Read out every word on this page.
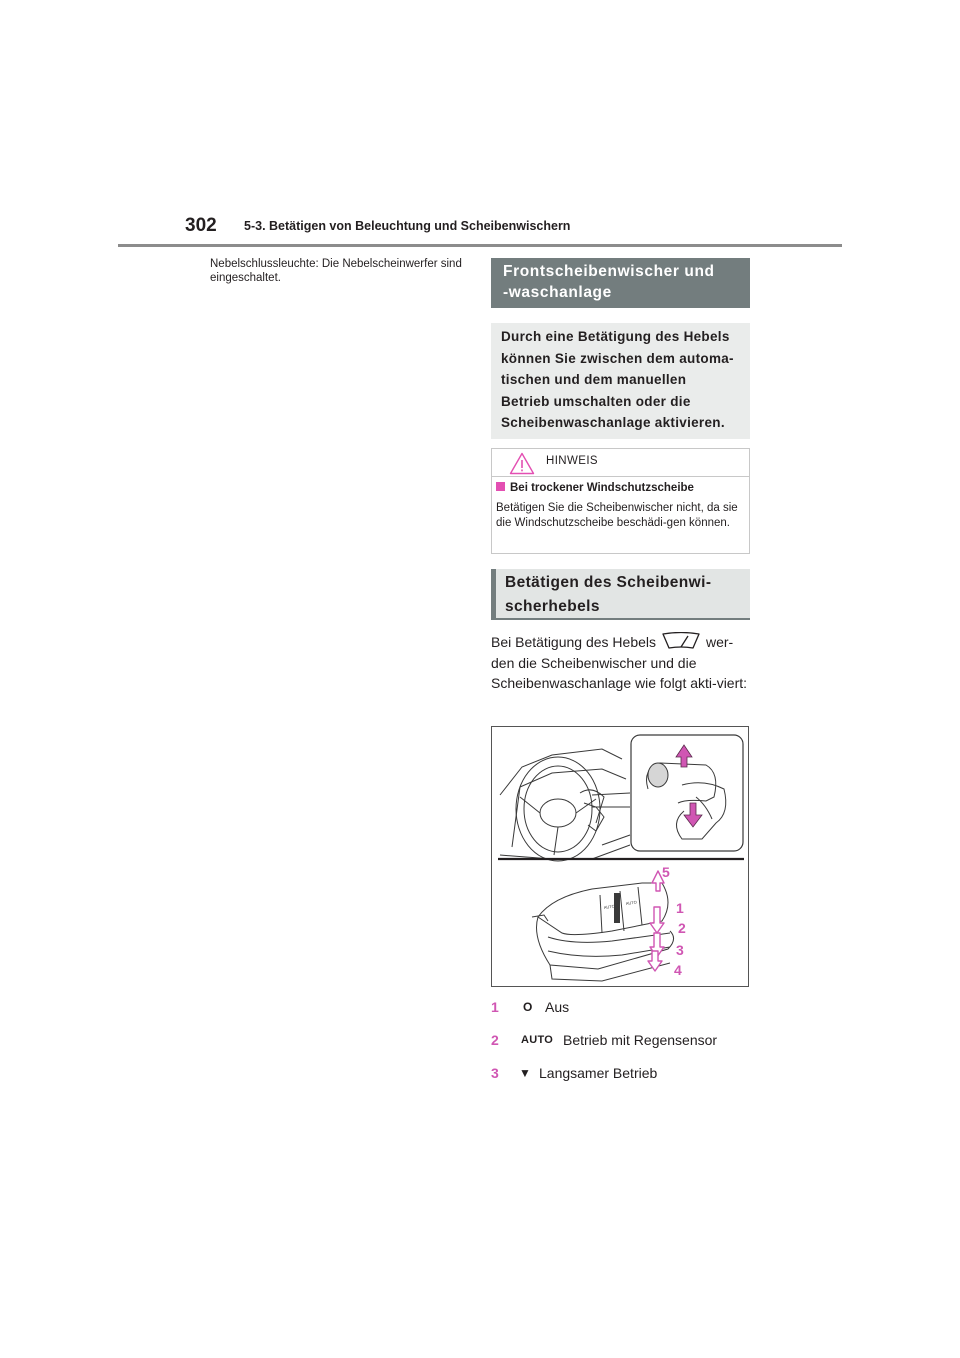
302 5-3. Betätigen von Beleuchtung und Scheibenwischern
Nebelschlussleuchte: Die Nebelscheinwerfer sind eingeschaltet.	Frontscheibenwischer und
-waschanlage
Durch eine Betätigung des Hebels
können Sie zwischen dem automa-
tischen und dem manuellen
Betrieb umschalten oder die
Scheibenwaschanlage aktivieren.
HINWEIS
Bei trockener Windschutzscheibe
Betätigen Sie die Scheibenwischer nicht, da sie die Windschutzscheibe beschädi-gen können.
Betätigen des Scheibenwi-
scherhebels
Bei Betätigung des Hebels	wer-den die Scheibenwischer und die Scheibenwaschanlage wie folgt akti-viert:
AUTO
AUTO
5
1
2
3
4
1 O Aus
2 AUTO Betrieb mit Regensensor
3 ▼ Langsamer Betrieb
